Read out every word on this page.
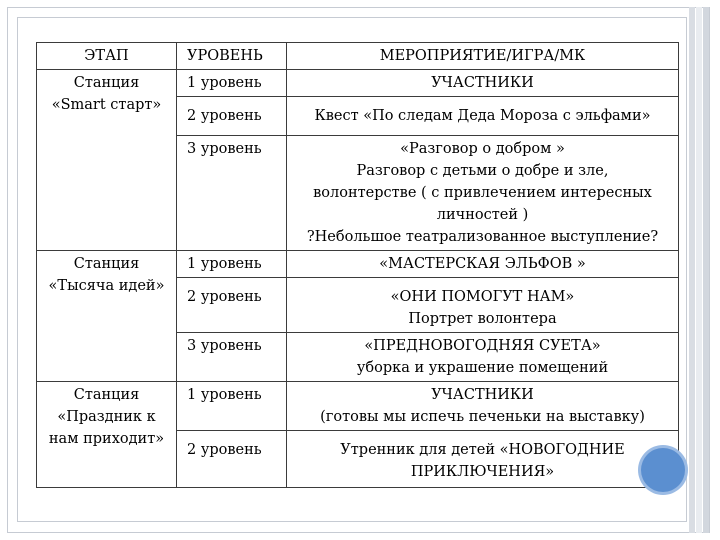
ЭТАП	УРОВЕНЬ	МЕРОПРИЯТИЕ/ИГРА/МК

Станция
«Smart старт»	1 уровень	УЧАСТНИКИ

	2 уровень	Квест «По следам Деда Мороза с эльфами»

	3 уровень	«Разговор о добром »
Разговор с детьми о добре и зле,
волонтерстве ( с привлечением интересных
личностей )
?Небольшое театрализованное выступление?

Станция
«Тысяча идей»	1 уровень	«МАСТЕРСКАЯ ЭЛЬФОВ »

	2 уровень	«ОНИ ПОМОГУТ НАМ»
Портрет волонтера

	3 уровень	«ПРЕДНОВОГОДНЯЯ СУЕТА»
уборка и украшение помещений

Станция
«Праздник к
нам приходит»	1 уровень	УЧАСТНИКИ
(готовы мы испечь печеньки на выставку)

	2 уровень	Утренник для детей «НОВОГОДНИЕ
ПРИКЛЮЧЕНИЯ»
